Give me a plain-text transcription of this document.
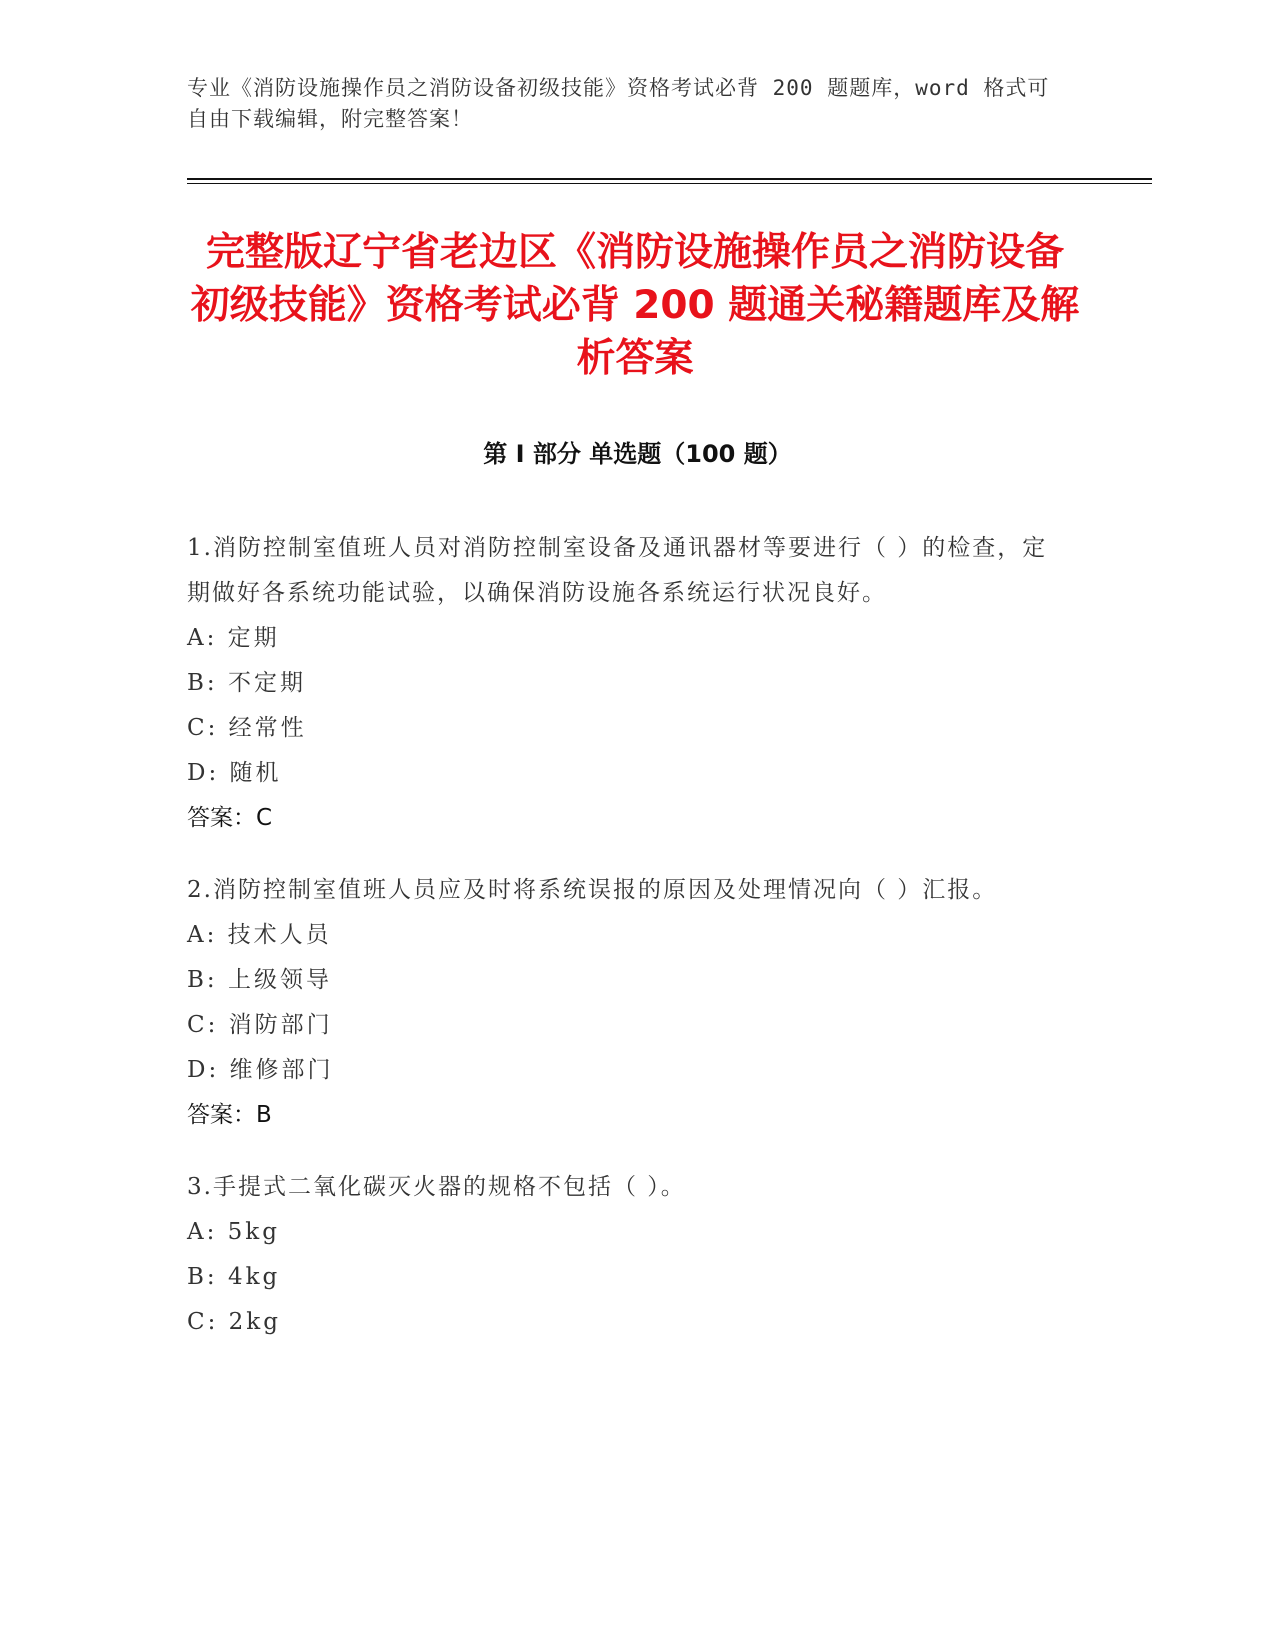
专业《消防设施操作员之消防设备初级技能》资格考试必背 200 题题库，word 格式可自由下载编辑，附完整答案！
完整版辽宁省老边区《消防设施操作员之消防设备初级技能》资格考试必背 200 题通关秘籍题库及解析答案
第 I 部分 单选题（100 题）
1.消防控制室值班人员对消防控制室设备及通讯器材等要进行（ ）的检查，定期做好各系统功能试验，以确保消防设施各系统运行状况良好。
A: 定期
B: 不定期
C: 经常性
D: 随机
答案：C
2.消防控制室值班人员应及时将系统误报的原因及处理情况向（ ）汇报。
A: 技术人员
B: 上级领导
C: 消防部门
D: 维修部门
答案：B
3.手提式二氧化碳灭火器的规格不包括（ ）。
A: 5kg
B: 4kg
C: 2kg
